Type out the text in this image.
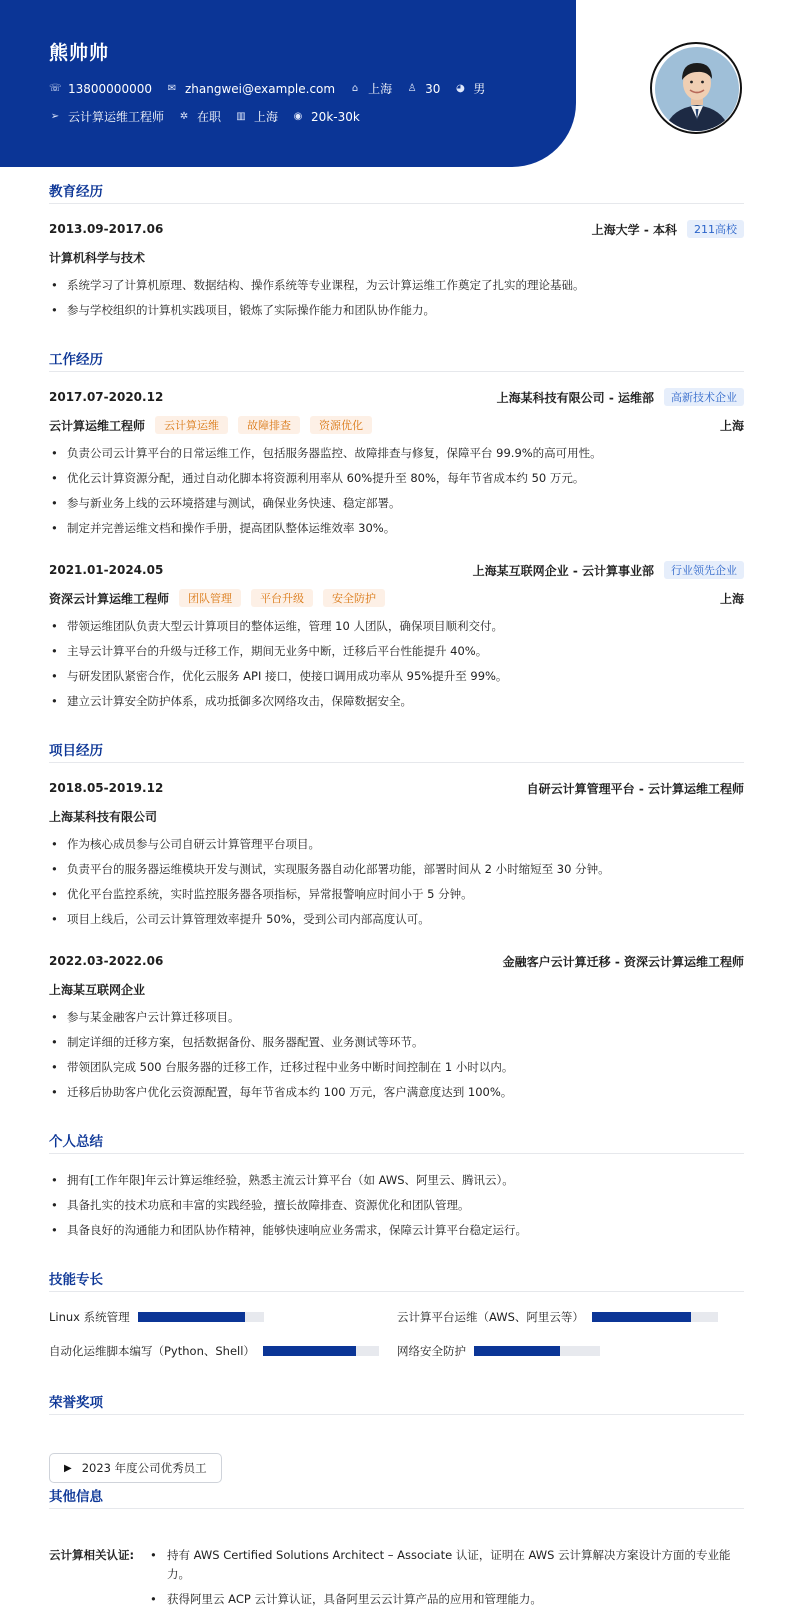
熊帅帅
☏ 13800000000 ✉ zhangwei@example.com ⌂ 上海 ♙ 30 ◕ 男
➢ 云计算运维工程师 ✲ 在职 ▥ 上海 ◉ 20k-30k
教育经历
2013.09-2017.06	上海大学 - 本科	211高校
计算机科学与技术
• 系统学习了计算机原理、数据结构、操作系统等专业课程，为云计算运维工作奠定了扎实的理论基础。
• 参与学校组织的计算机实践项目，锻炼了实际操作能力和团队协作能力。
工作经历
2017.07-2020.12	上海某科技有限公司 - 运维部	高新技术企业
云计算运维工程师	云计算运维	故障排查	资源优化	上海
• 负责公司云计算平台的日常运维工作，包括服务器监控、故障排查与修复，保障平台 99.9%的高可用性。
• 优化云计算资源分配，通过自动化脚本将资源利用率从 60%提升至 80%，每年节省成本约 50 万元。
• 参与新业务上线的云环境搭建与测试，确保业务快速、稳定部署。
• 制定并完善运维文档和操作手册，提高团队整体运维效率 30%。
2021.01-2024.05	上海某互联网企业 - 云计算事业部	行业领先企业
资深云计算运维工程师	团队管理	平台升级	安全防护	上海
• 带领运维团队负责大型云计算项目的整体运维，管理 10 人团队，确保项目顺利交付。
• 主导云计算平台的升级与迁移工作，期间无业务中断，迁移后平台性能提升 40%。
• 与研发团队紧密合作，优化云服务 API 接口，使接口调用成功率从 95%提升至 99%。
• 建立云计算安全防护体系，成功抵御多次网络攻击，保障数据安全。
项目经历
2018.05-2019.12	自研云计算管理平台 - 云计算运维工程师
上海某科技有限公司
• 作为核心成员参与公司自研云计算管理平台项目。
• 负责平台的服务器运维模块开发与测试，实现服务器自动化部署功能，部署时间从 2 小时缩短至 30 分钟。
• 优化平台监控系统，实时监控服务器各项指标，异常报警响应时间小于 5 分钟。
• 项目上线后，公司云计算管理效率提升 50%，受到公司内部高度认可。
2022.03-2022.06	金融客户云计算迁移 - 资深云计算运维工程师
上海某互联网企业
• 参与某金融客户云计算迁移项目。
• 制定详细的迁移方案，包括数据备份、服务器配置、业务测试等环节。
• 带领团队完成 500 台服务器的迁移工作，迁移过程中业务中断时间控制在 1 小时以内。
• 迁移后协助客户优化云资源配置，每年节省成本约 100 万元，客户满意度达到 100%。
个人总结
• 拥有[工作年限]年云计算运维经验，熟悉主流云计算平台（如 AWS、阿里云、腾讯云）。
• 具备扎实的技术功底和丰富的实践经验，擅长故障排查、资源优化和团队管理。
• 具备良好的沟通能力和团队协作精神，能够快速响应业务需求，保障云计算平台稳定运行。
技能专长
Linux 系统管理	云计算平台运维（AWS、阿里云等）
自动化运维脚本编写（Python、Shell）	网络安全防护
荣誉奖项
▶ 2023 年度公司优秀员工
其他信息
云计算相关认证:
•	持有 AWS Certified Solutions Architect – Associate 认证，证明在 AWS 云计算解决方案设计方面的专业能力。
• 获得阿里云 ACP 云计算认证，具备阿里云云计算产品的应用和管理能力。
